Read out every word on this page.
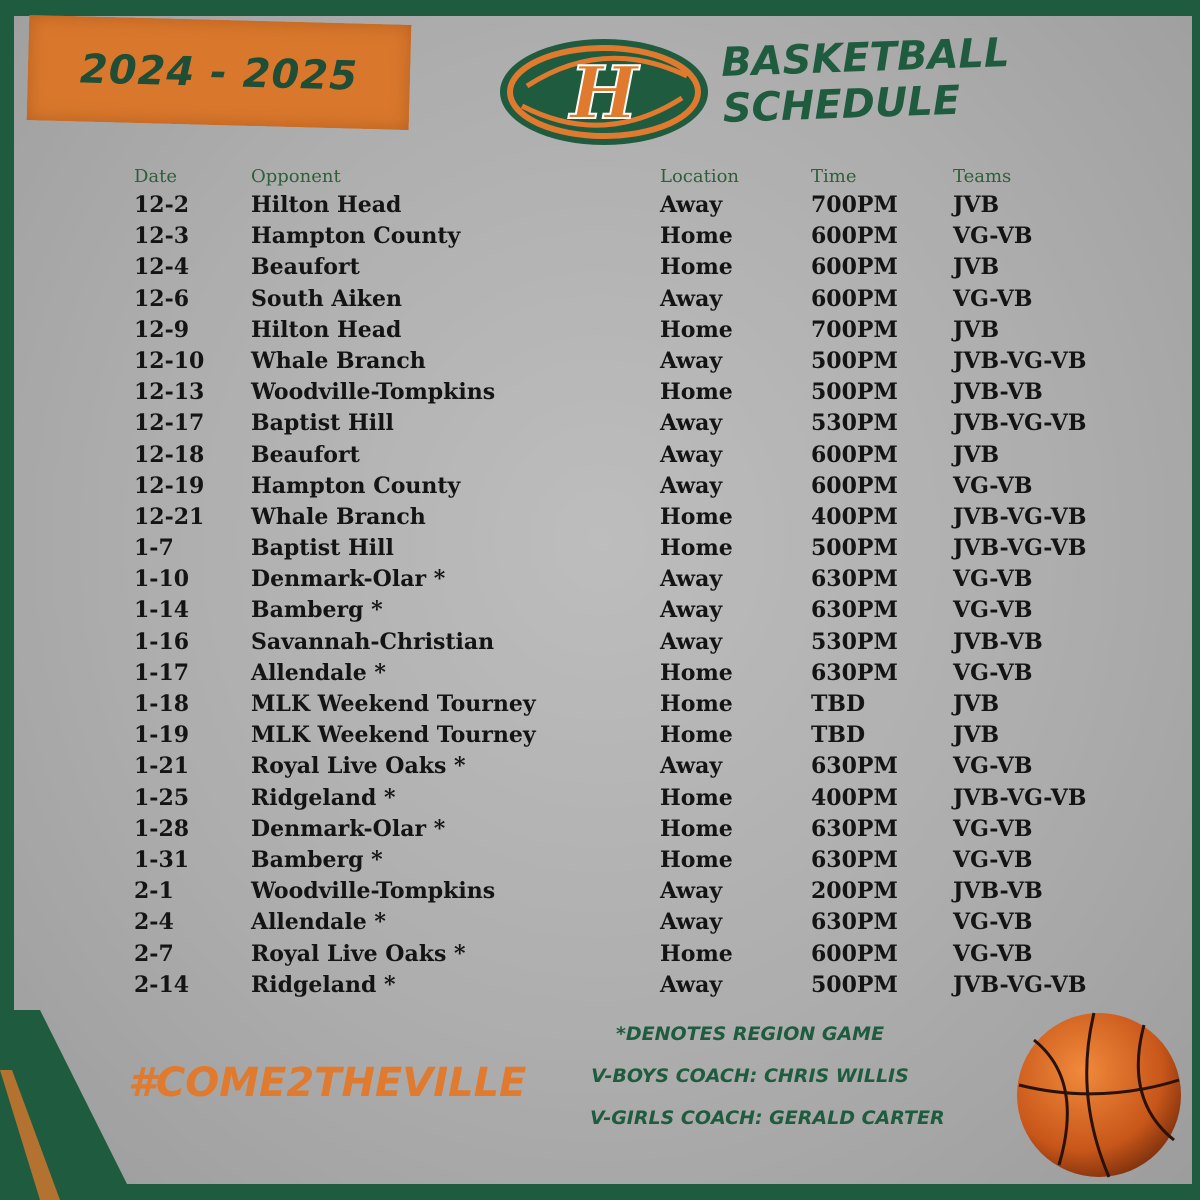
2024 - 2025	H BASKETBALL SCHEDULE
Date	Opponent	Location	Time	Teams
12-2	Hilton Head	Away	700PM	JVB
12-3	Hampton County	Home	600PM	VG-VB
12-4	Beaufort	Home	600PM	JVB
12-6	South Aiken	Away	600PM	VG-VB
12-9	Hilton Head	Home	700PM	JVB
12-10 Whale Branch	Away	500PM	JVB-VG-VB
12-13 Woodville-Tompkins	Home	500PM	JVB-VB
12-17 Baptist Hill	Away	530PM	JVB-VG-VB
12-18 Beaufort	Away	600PM	JVB
12-19 Hampton County	Away	600PM	VG-VB
12-21 Whale Branch	Home	400PM	JVB-VG-VB
1-7	Baptist Hill	Home	500PM	JVB-VG-VB
1-10	Denmark-Olar *	Away	630PM	VG-VB
1-14	Bamberg *	Away	630PM	VG-VB
1-16	Savannah-Christian	Away	530PM	JVB-VB
1-17	Allendale *	Home	630PM	VG-VB
1-18	MLK Weekend Tourney	Home	TBD	JVB
1-19	MLK Weekend Tourney	Home	TBD	JVB
1-21	Royal Live Oaks *	Away	630PM	VG-VB
1-25	Ridgeland *	Home	400PM	JVB-VG-VB
1-28	Denmark-Olar *	Home	630PM	VG-VB
1-31	Bamberg *	Home	630PM	VG-VB
2-1	Woodville-Tompkins	Away	200PM	JVB-VB
2-4	Allendale *	Away	630PM	VG-VB
2-7	Royal Live Oaks *	Home	600PM	VG-VB
2-14	Ridgeland *	Away	500PM	JVB-VG-VB
#COME2THEVILLE
*DENOTES REGION GAME
V-BOYS COACH: CHRIS WILLIS
V-GIRLS COACH: GERALD CARTER
